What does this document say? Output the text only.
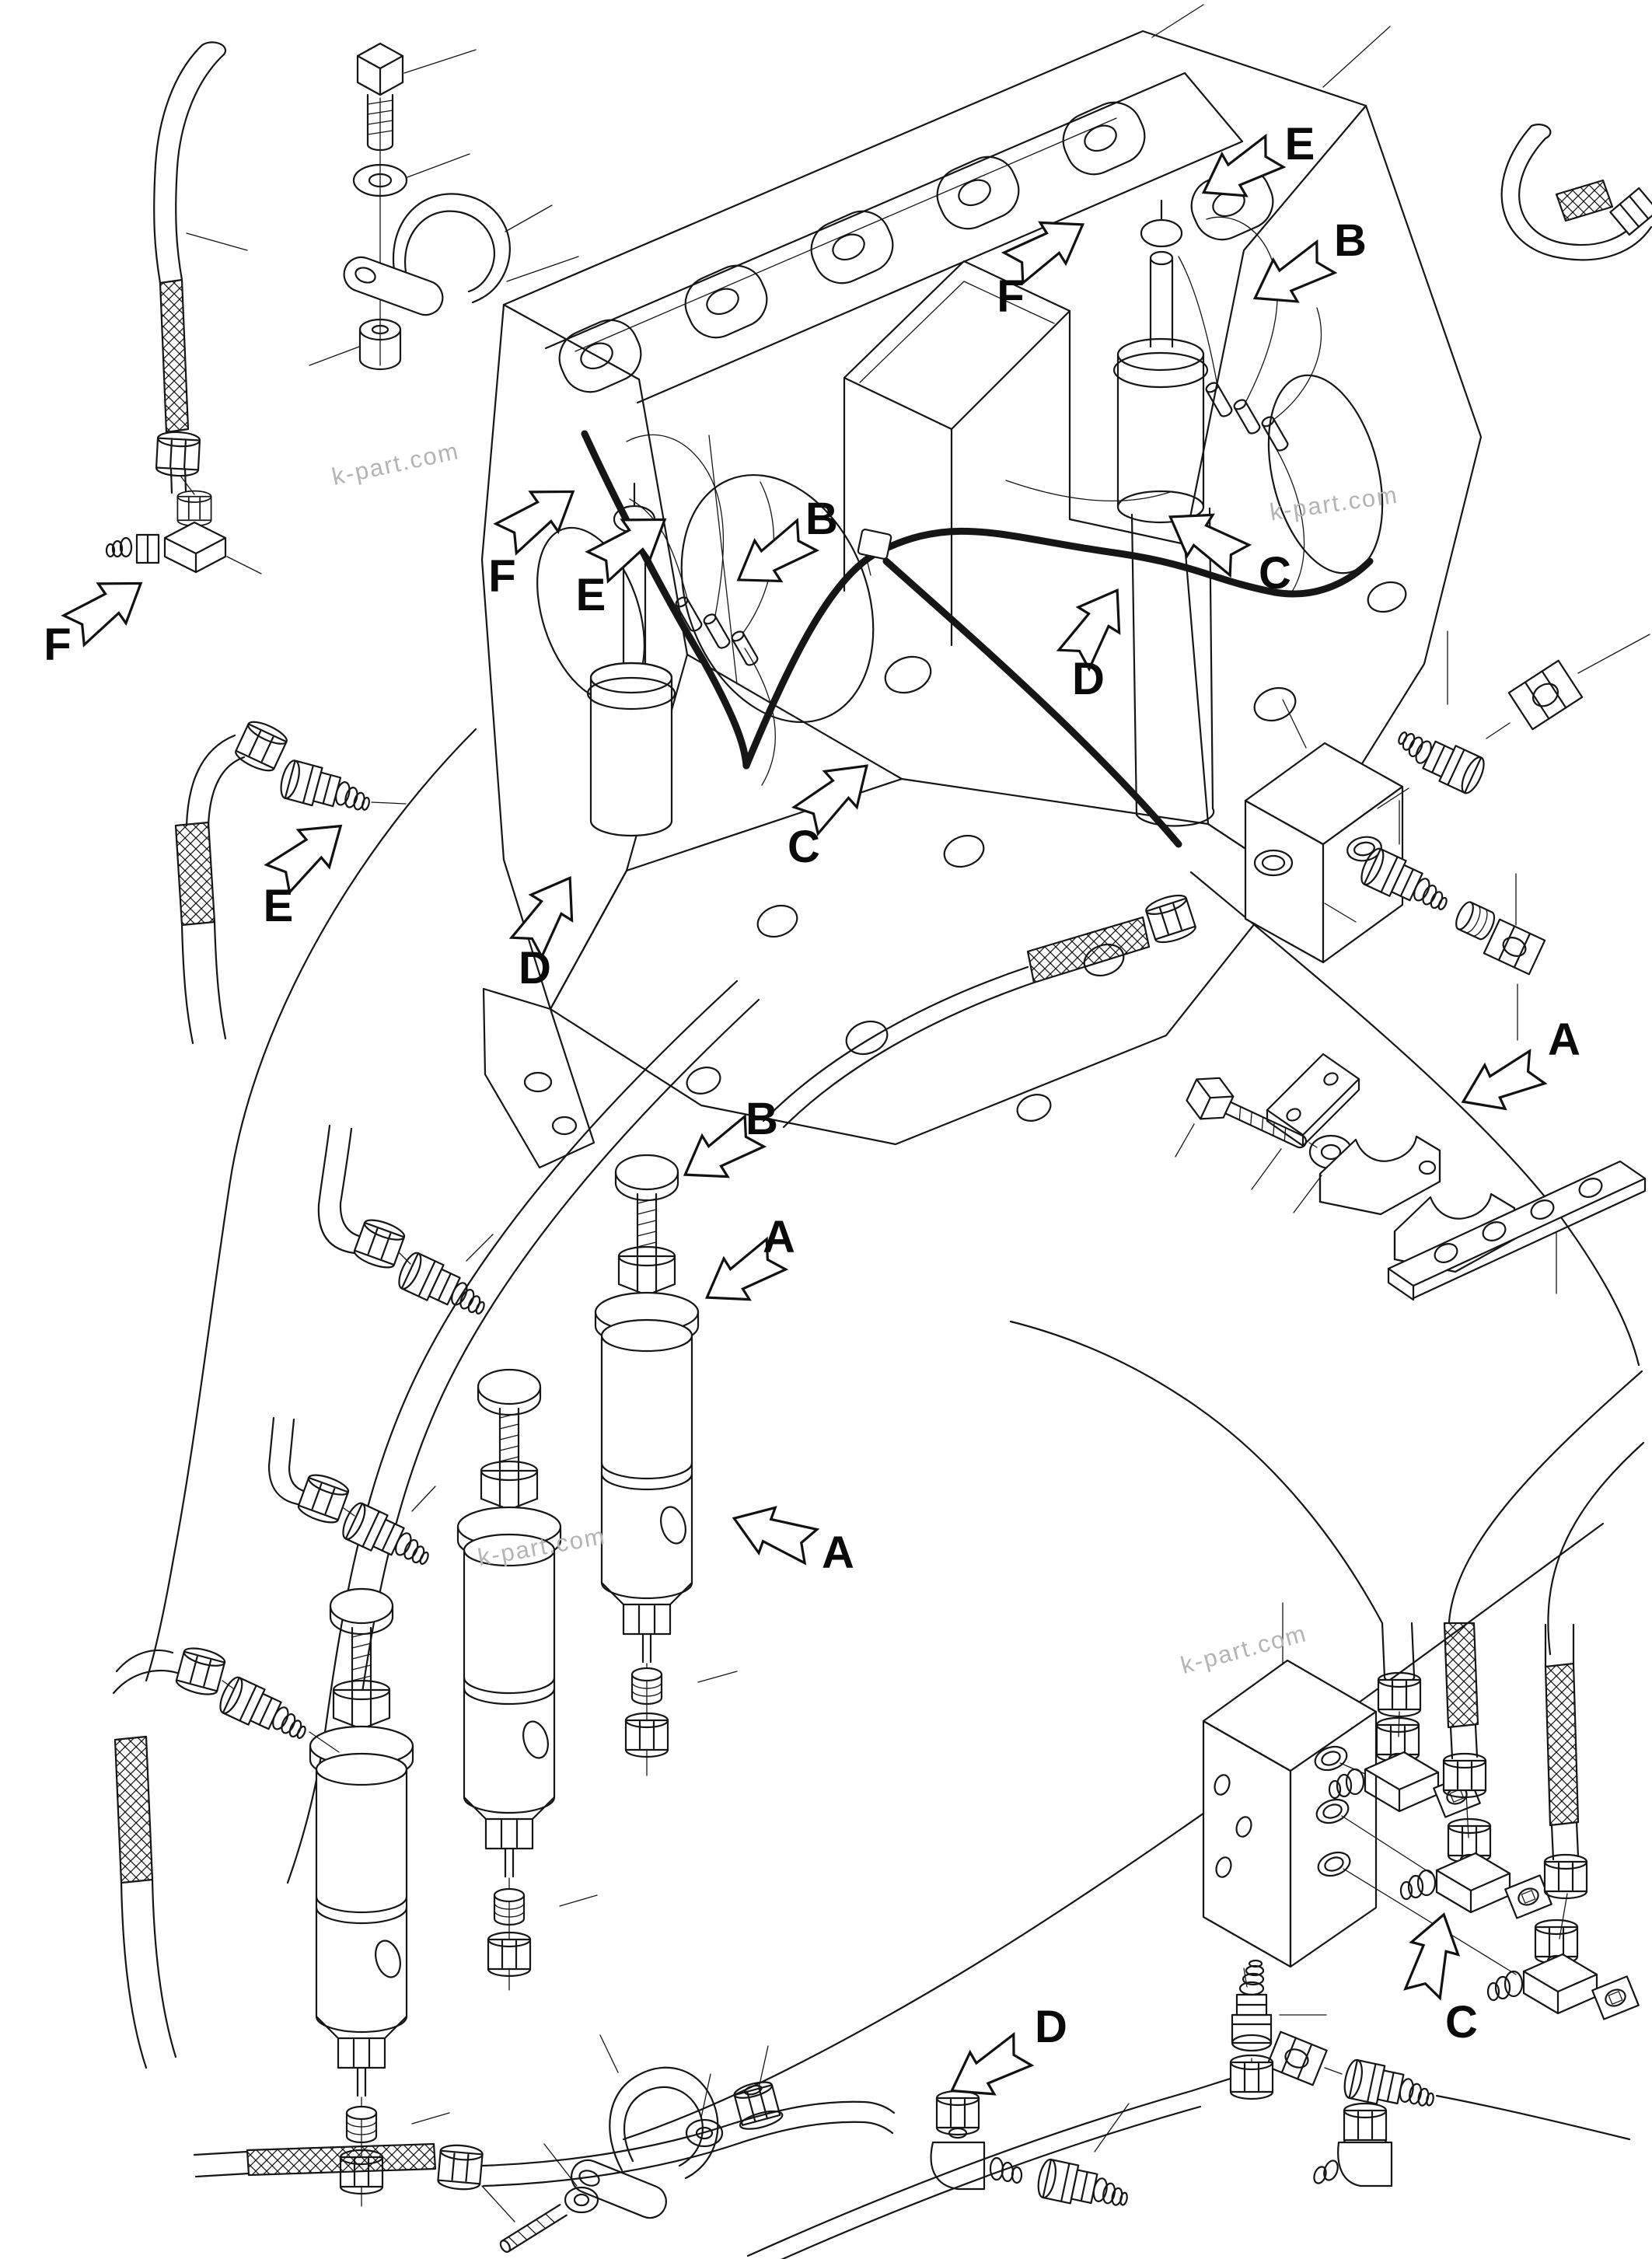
E
B
F
F E
B
C
D
F
E
C
D
A
B
A
A
C
D
k-part.com
k-part.com
k-part.com
k-part.com
